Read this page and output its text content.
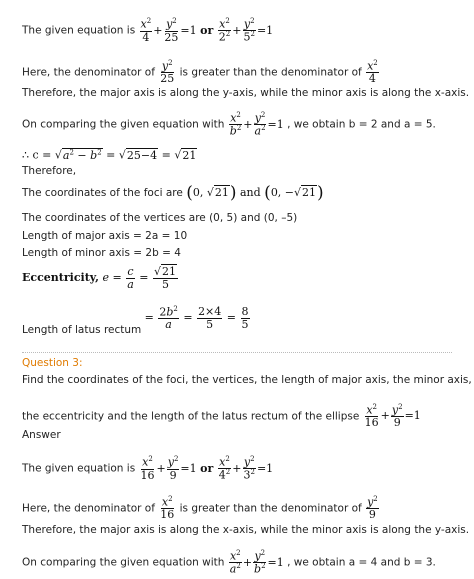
The given equation is $\frac{x^2}{4} + \frac{y^2}{25} =1$ or $\frac{x^2}{2^2} + \frac{y^2}{5^2} =1$
Here, the denominator of $\frac{y^2}{25}$ is greater than the denominator of $\frac{x^2}{4}$
Therefore, the major axis is along the y-axis, while the minor axis is along the x-axis.
On comparing the given equation with $\frac{x^2}{b^2} + \frac{y^2}{a^2} =1$ , we obtain b = 2 and a = 5.
∴ $c = √a^2 - b^2 = √25-4 = √21$
Therefore,
The coordinates of the foci are (0, √21) and (0, −√21)
The coordinates of the vertices are (0, 5) and (0, –5)
Length of major axis = 2a = 10
Length of minor axis = 2b = 4
Eccentricity, $e = \frac{c}{a} = \frac{√21}{5}$
Length of latus rectum = $\frac{2b^2}{a} = \frac{2\times 4}{5} = \frac{8}{5}$
Question 3:
Find the coordinates of the foci, the vertices, the length of major axis, the minor axis,
the eccentricity and the length of the latus rectum of the ellipse $\frac{x^2}{16} + \frac{y^2}{9} =1$
Answer
The given equation is $\frac{x^2}{16} + \frac{y^2}{9} =1$ or $\frac{x^2}{4^2} + \frac{y^2}{3^2} =1$
Here, the denominator of $\frac{x^2}{16}$ is greater than the denominator of $\frac{y^2}{9}$
Therefore, the major axis is along the x-axis, while the minor axis is along the y-axis.
On comparing the given equation with $\frac{x^2}{a^2} + \frac{y^2}{b^2} =1$ , we obtain a = 4 and b = 3.
